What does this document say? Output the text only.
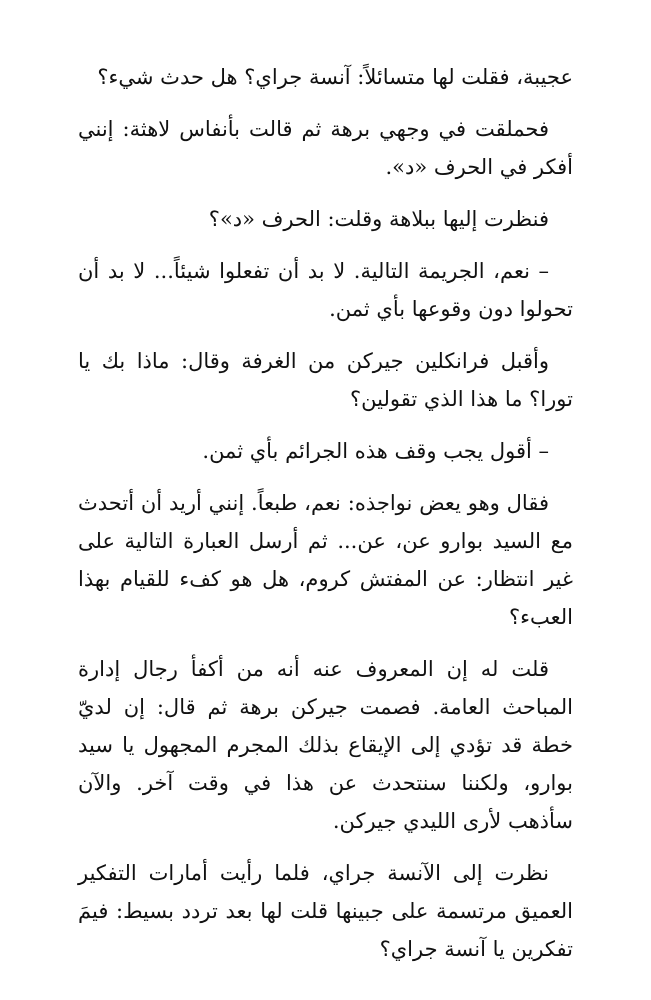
عجيبة، فقلت لها متسائلاً: آنسة جراي؟ هل حدث شيء؟

فحملقت في وجهي برهة ثم قالت بأنفاس لاهثة: إنني أفكر في الحرف «د».

فنظرت إليها ببلاهة وقلت: الحرف «د»؟

– نعم، الجريمة التالية. لا بد أن تفعلوا شيئاً... لا بد أن تحولوا دون وقوعها بأي ثمن.

وأقبل فرانكلين جيركن من الغرفة وقال: ماذا بك يا تورا؟ ما هذا الذي تقولين؟

– أقول يجب وقف هذه الجرائم بأي ثمن.

فقال وهو يعض نواجذه: نعم، طبعاً. إنني أريد أن أتحدث مع السيد بوارو عن، عن... ثم أرسل العبارة التالية على غير انتظار: عن المفتش كروم، هل هو كفء للقيام بهذا العبء؟

قلت له إن المعروف عنه أنه من أكفأ رجال إدارة المباحث العامة. فصمت جيركن برهة ثم قال: إن لديّ خطة قد تؤدي إلى الإيقاع بذلك المجرم المجهول يا سيد بوارو، ولكننا سنتحدث عن هذا في وقت آخر. والآن سأذهب لأرى الليدي جيركن.

نظرت إلى الآنسة جراي، فلما رأيت أمارات التفكير العميق مرتسمة على جبينها قلت لها بعد تردد بسيط: فيمَ تفكرين يا آنسة جراي؟
